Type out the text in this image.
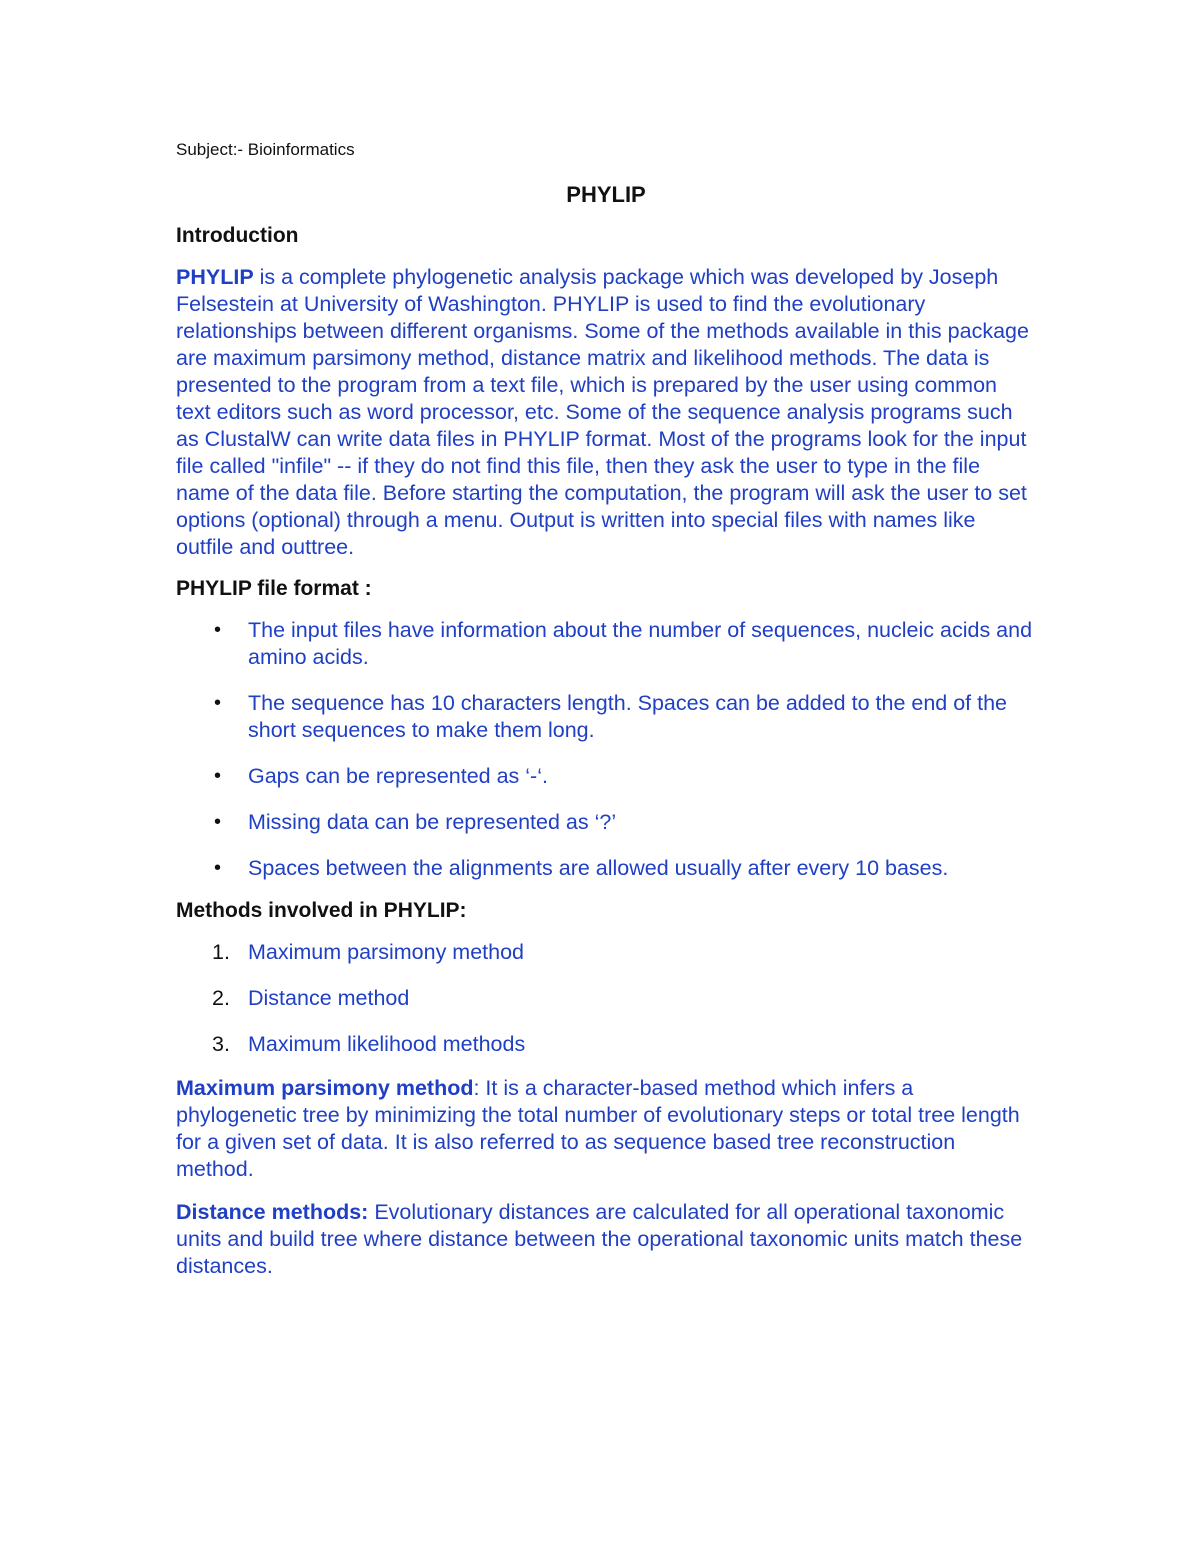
Subject:- Bioinformatics
PHYLIP
Introduction

PHYLIP is a complete phylogenetic analysis package which was developed by Joseph Felsestein at University of Washington. PHYLIP is used to find the evolutionary relationships between different organisms. Some of the methods available in this package are maximum parsimony method, distance matrix and likelihood methods. The data is presented to the program from a text file, which is prepared by the user using common text editors such as word processor, etc. Some of the sequence analysis programs such as ClustalW can write data files in PHYLIP format. Most of the programs look for the input file called "infile" -- if they do not find this file, then they ask the user to type in the file name of the data file. Before starting the computation, the program will ask the user to set options (optional) through a menu. Output is written into special files with names like outfile and outtree.

PHYLIP file format :
• The input files have information about the number of sequences, nucleic acids and amino acids.
• The sequence has 10 characters length. Spaces can be added to the end of the short sequences to make them long.
• Gaps can be represented as ‘-‘.
• Missing data can be represented as ‘?’
• Spaces between the alignments are allowed usually after every 10 bases.
Methods involved in PHYLIP:
1. Maximum parsimony method
2. Distance method
3. Maximum likelihood methods

Maximum parsimony method: It is a character-based method which infers a phylogenetic tree by minimizing the total number of evolutionary steps or total tree length for a given set of data. It is also referred to as sequence based tree reconstruction method.

Distance methods: Evolutionary distances are calculated for all operational taxonomic units and build tree where distance between the operational taxonomic units match these distances.
